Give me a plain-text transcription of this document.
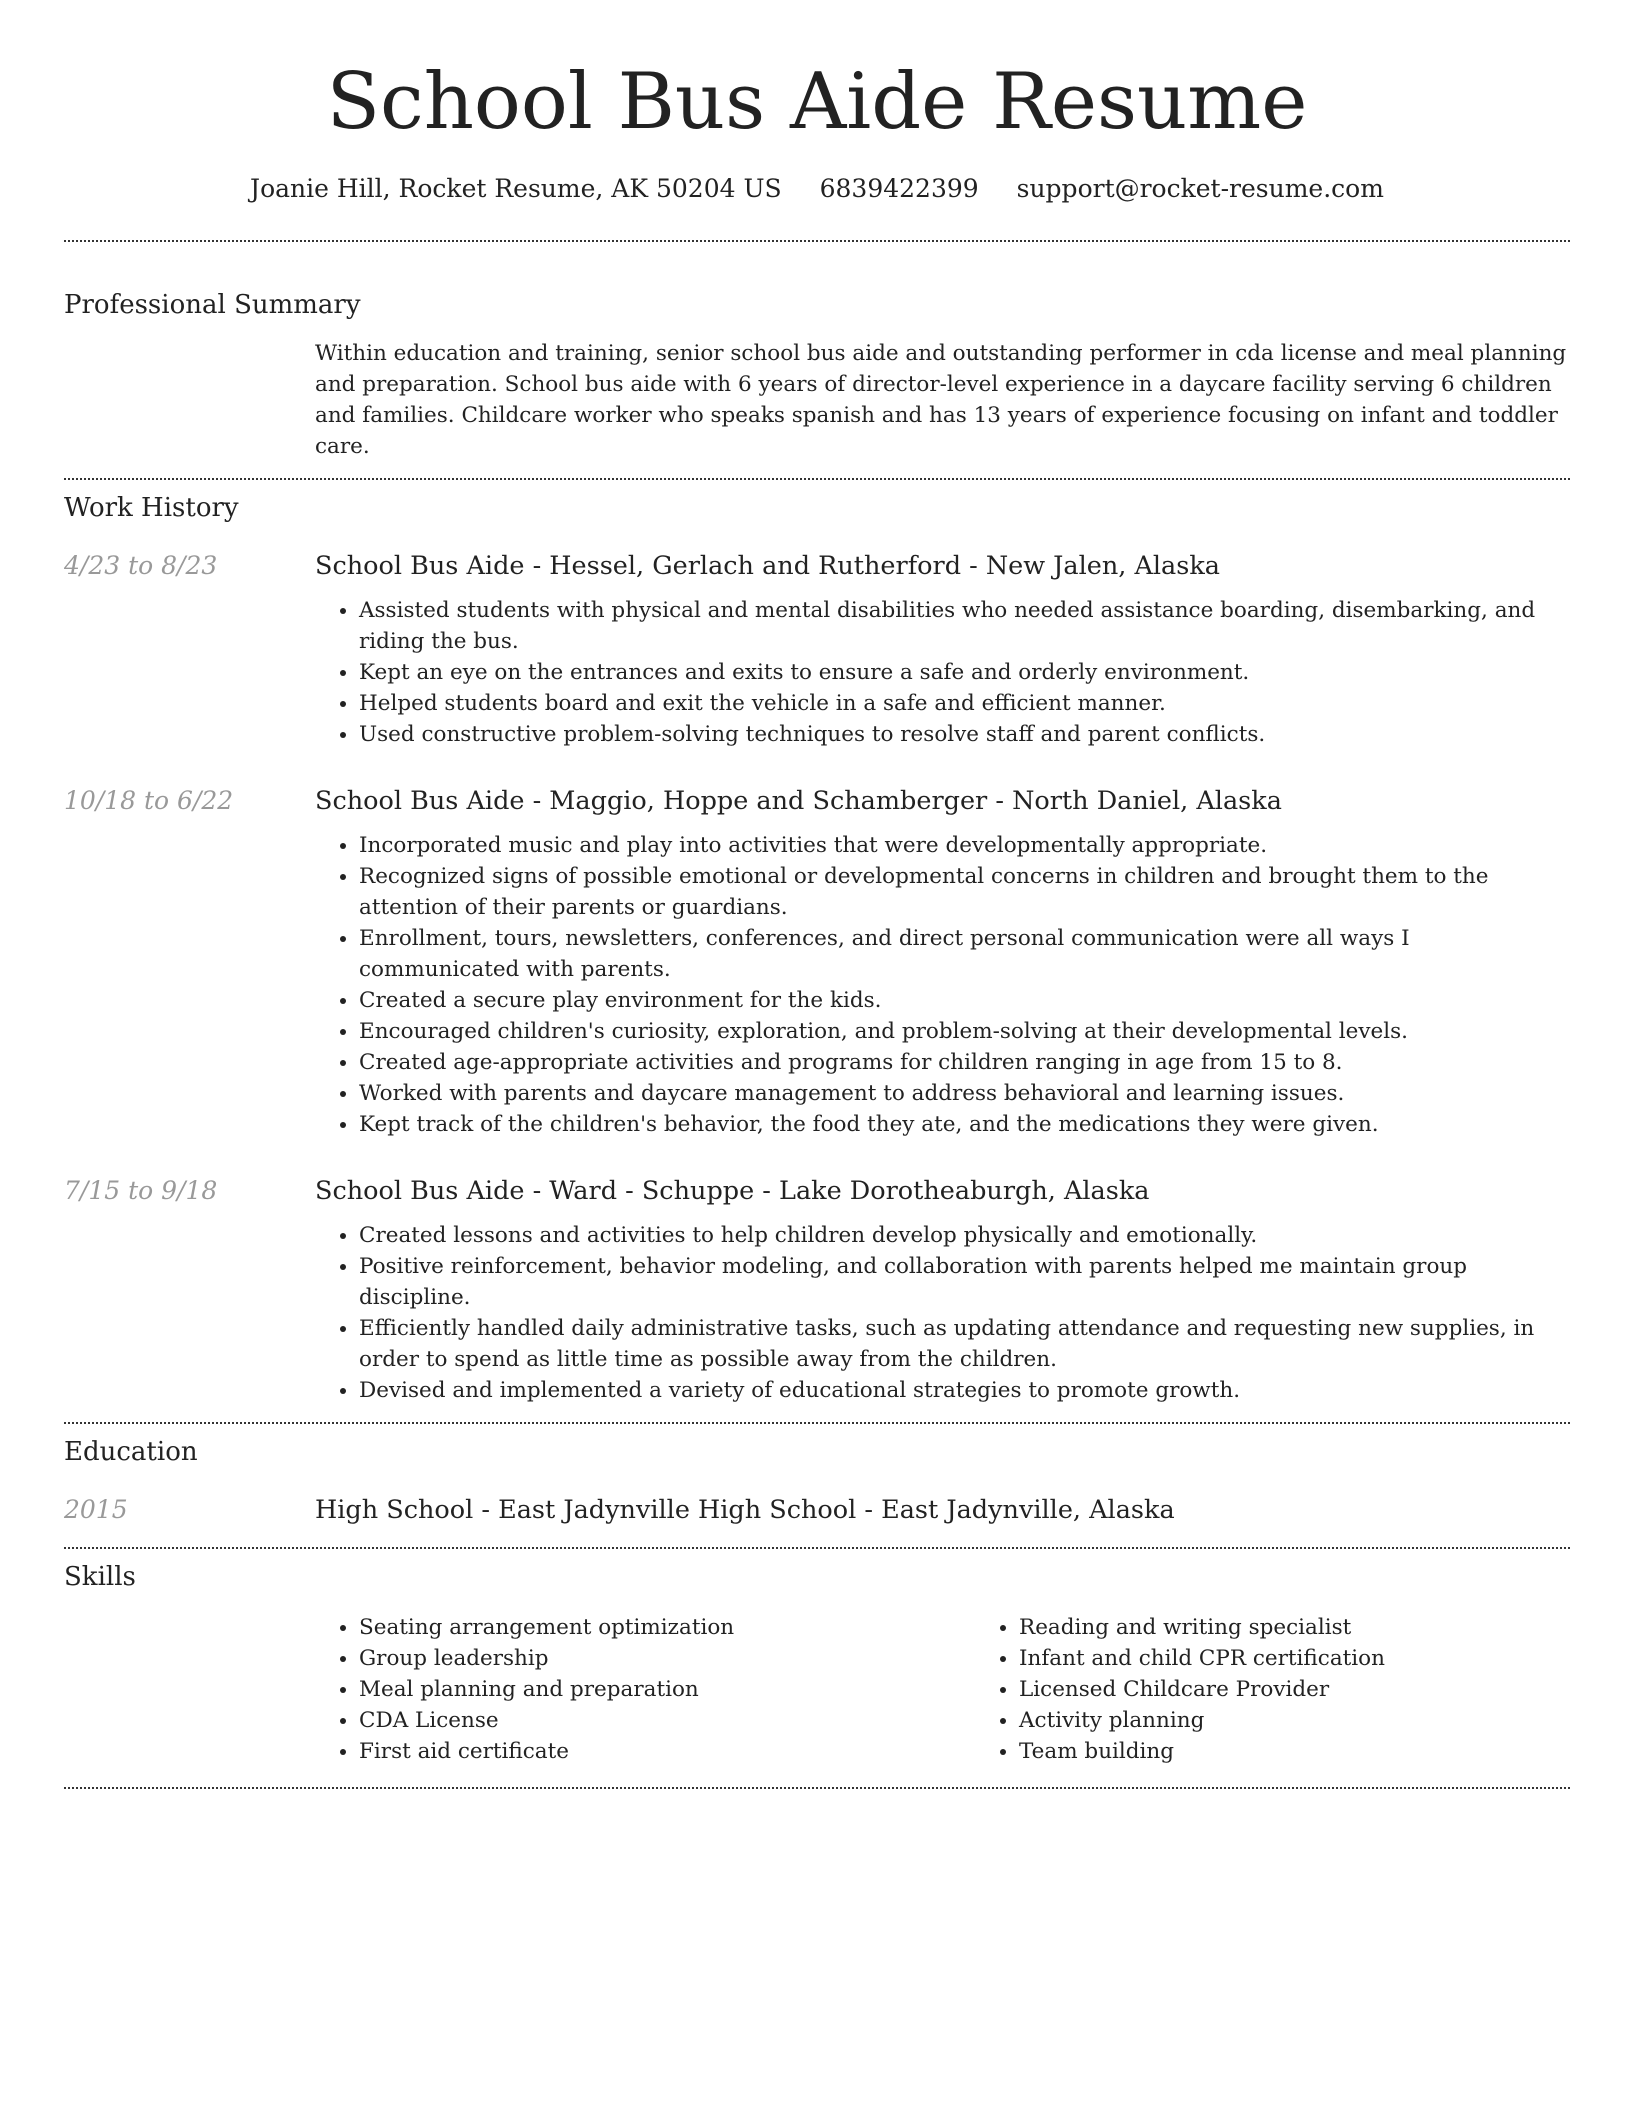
School Bus Aide Resume
Joanie Hill, Rocket Resume, AK 50204 US 6839422399 support@rocket-resume.com
Professional Summary
Within education and training, senior school bus aide and outstanding performer in cda license and meal planning and preparation. School bus aide with 6 years of director-level experience in a daycare facility serving 6 children and families. Childcare worker who speaks spanish and has 13 years of experience focusing on infant and toddler care.
Work History
4/23 to 8/23	School Bus Aide - Hessel, Gerlach and Rutherford - New Jalen, Alaska
• Assisted students with physical and mental disabilities who needed assistance boarding, disembarking, and riding the bus.
• Kept an eye on the entrances and exits to ensure a safe and orderly environment.
• Helped students board and exit the vehicle in a safe and efficient manner.
• Used constructive problem-solving techniques to resolve staff and parent conflicts.
10/18 to 6/22	School Bus Aide - Maggio, Hoppe and Schamberger - North Daniel, Alaska
• Incorporated music and play into activities that were developmentally appropriate.
• Recognized signs of possible emotional or developmental concerns in children and brought them to the attention of their parents or guardians.
• Enrollment, tours, newsletters, conferences, and direct personal communication were all ways I communicated with parents.
• Created a secure play environment for the kids.
• Encouraged children's curiosity, exploration, and problem-solving at their developmental levels.
• Created age-appropriate activities and programs for children ranging in age from 15 to 8.
• Worked with parents and daycare management to address behavioral and learning issues.
• Kept track of the children's behavior, the food they ate, and the medications they were given.
7/15 to 9/18	School Bus Aide - Ward - Schuppe - Lake Dorotheaburgh, Alaska
• Created lessons and activities to help children develop physically and emotionally.
• Positive reinforcement, behavior modeling, and collaboration with parents helped me maintain group discipline.
• Efficiently handled daily administrative tasks, such as updating attendance and requesting new supplies, in order to spend as little time as possible away from the children.
• Devised and implemented a variety of educational strategies to promote growth.
Education
2015	High School - East Jadynville High School - East Jadynville, Alaska
Skills
• Seating arrangement optimization
• Group leadership
• Meal planning and preparation
• CDA License
• First aid certificate
• Reading and writing specialist
• Infant and child CPR certification
• Licensed Childcare Provider
• Activity planning
• Team building
